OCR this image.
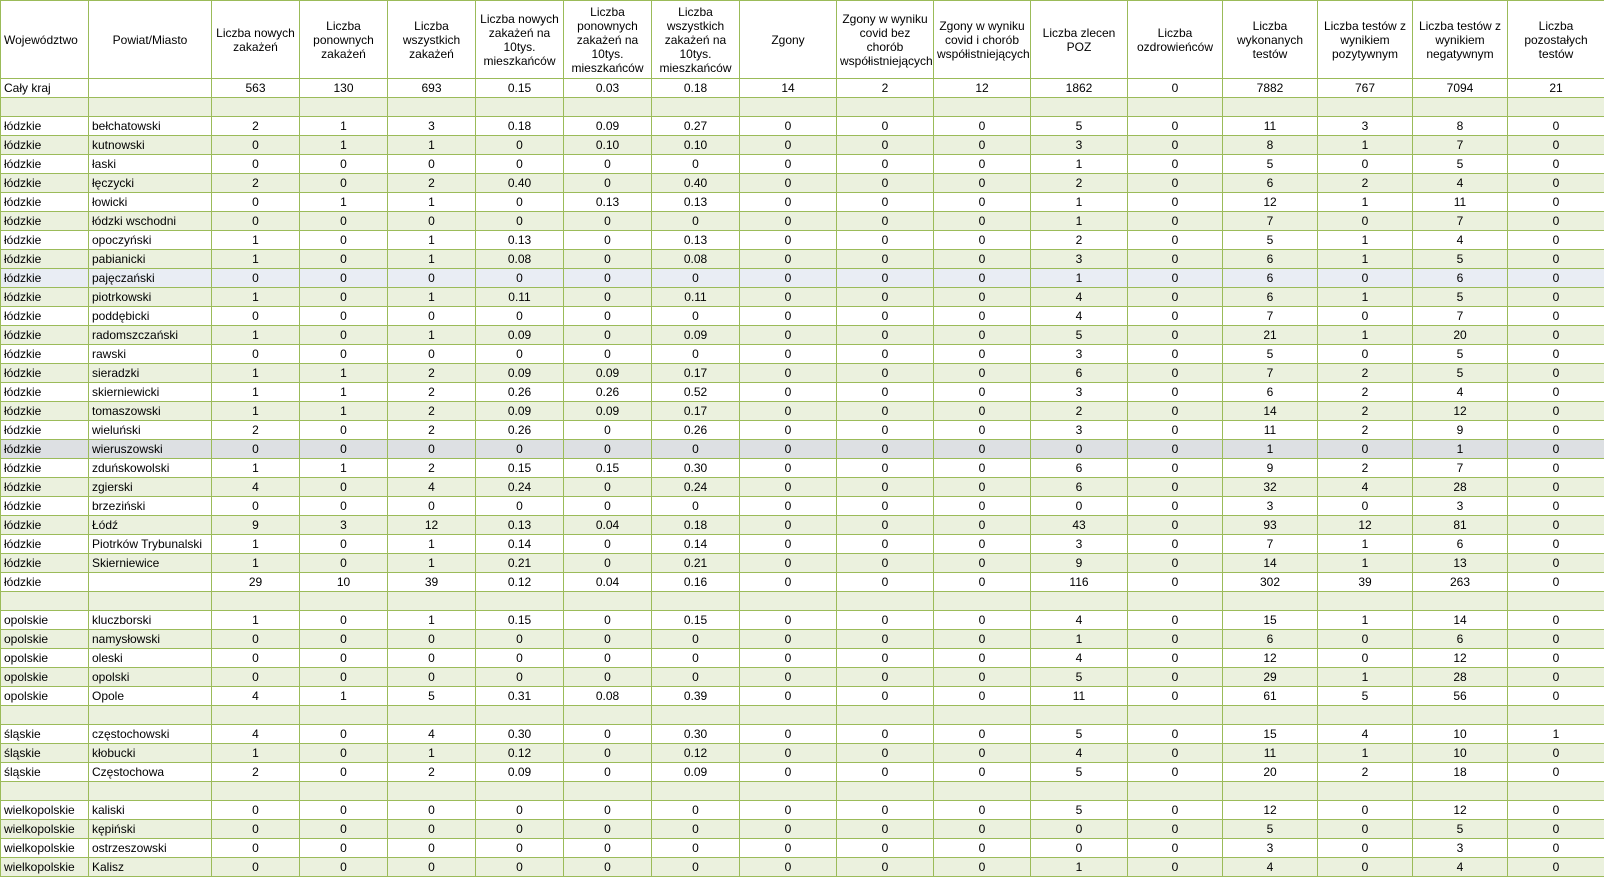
Województwo	Powiat/Miasto	Liczba nowych zakażeń	Liczba ponownych zakażeń	Liczba wszystkich zakażeń	Liczba nowych zakażeń na 10tys. mieszkańców	Liczba ponownych zakażeń na 10tys. mieszkańców	Liczba wszystkich zakażeń na 10tys. mieszkańców	Zgony	Zgony w wyniku covid bez chorób współistniejących	Zgony w wyniku covid i chorób współistniejących	Liczba zlecen POZ	Liczba ozdrowieńców	Liczba wykonanych testów	Liczba testów z wynikiem pozytywnym	Liczba testów z wynikiem negatywnym	Liczba pozostałych testów
Cały kraj		563	130	693	0.15	0.03	0.18	14	2	12	1862	0	7882	767	7094	21

łódzkie	bełchatowski	2	1	3	0.18	0.09	0.27	0	0	0	5	0	11	3	8	0
łódzkie	kutnowski	0	1	1	0	0.10	0.10	0	0	0	3	0	8	1	7	0
łódzkie	łaski	0	0	0	0	0	0	0	0	0	1	0	5	0	5	0
łódzkie	łęczycki	2	0	2	0.40	0	0.40	0	0	0	2	0	6	2	4	0
łódzkie	łowicki	0	1	1	0	0.13	0.13	0	0	0	1	0	12	1	11	0
łódzkie	łódzki wschodni	0	0	0	0	0	0	0	0	0	1	0	7	0	7	0
łódzkie	opoczyński	1	0	1	0.13	0	0.13	0	0	0	2	0	5	1	4	0
łódzkie	pabianicki	1	0	1	0.08	0	0.08	0	0	0	3	0	6	1	5	0
łódzkie	pajęczański	0	0	0	0	0	0	0	0	0	1	0	6	0	6	0
łódzkie	piotrkowski	1	0	1	0.11	0	0.11	0	0	0	4	0	6	1	5	0
łódzkie	poddębicki	0	0	0	0	0	0	0	0	0	4	0	7	0	7	0
łódzkie	radomszczański	1	0	1	0.09	0	0.09	0	0	0	5	0	21	1	20	0
łódzkie	rawski	0	0	0	0	0	0	0	0	0	3	0	5	0	5	0
łódzkie	sieradzki	1	1	2	0.09	0.09	0.17	0	0	0	6	0	7	2	5	0
łódzkie	skierniewicki	1	1	2	0.26	0.26	0.52	0	0	0	3	0	6	2	4	0
łódzkie	tomaszowski	1	1	2	0.09	0.09	0.17	0	0	0	2	0	14	2	12	0
łódzkie	wieluński	2	0	2	0.26	0	0.26	0	0	0	3	0	11	2	9	0
łódzkie	wieruszowski	0	0	0	0	0	0	0	0	0	0	0	1	0	1	0
łódzkie	zduńskowolski	1	1	2	0.15	0.15	0.30	0	0	0	6	0	9	2	7	0
łódzkie	zgierski	4	0	4	0.24	0	0.24	0	0	0	6	0	32	4	28	0
łódzkie	brzeziński	0	0	0	0	0	0	0	0	0	0	0	3	0	3	0
łódzkie	Łódź	9	3	12	0.13	0.04	0.18	0	0	0	43	0	93	12	81	0
łódzkie	Piotrków Trybunalski	1	0	1	0.14	0	0.14	0	0	0	3	0	7	1	6	0
łódzkie	Skierniewice	1	0	1	0.21	0	0.21	0	0	0	9	0	14	1	13	0
łódzkie		29	10	39	0.12	0.04	0.16	0	0	0	116	0	302	39	263	0

opolskie	kluczborski	1	0	1	0.15	0	0.15	0	0	0	4	0	15	1	14	0
opolskie	namysłowski	0	0	0	0	0	0	0	0	0	1	0	6	0	6	0
opolskie	oleski	0	0	0	0	0	0	0	0	0	4	0	12	0	12	0
opolskie	opolski	0	0	0	0	0	0	0	0	0	5	0	29	1	28	0
opolskie	Opole	4	1	5	0.31	0.08	0.39	0	0	0	11	0	61	5	56	0

śląskie	częstochowski	4	0	4	0.30	0	0.30	0	0	0	5	0	15	4	10	1
śląskie	kłobucki	1	0	1	0.12	0	0.12	0	0	0	4	0	11	1	10	0
śląskie	Częstochowa	2	0	2	0.09	0	0.09	0	0	0	5	0	20	2	18	0

wielkopolskie	kaliski	0	0	0	0	0	0	0	0	0	5	0	12	0	12	0
wielkopolskie	kępiński	0	0	0	0	0	0	0	0	0	0	0	5	0	5	0
wielkopolskie	ostrzeszowski	0	0	0	0	0	0	0	0	0	0	0	3	0	3	0
wielkopolskie	Kalisz	0	0	0	0	0	0	0	0	0	1	0	4	0	4	0
